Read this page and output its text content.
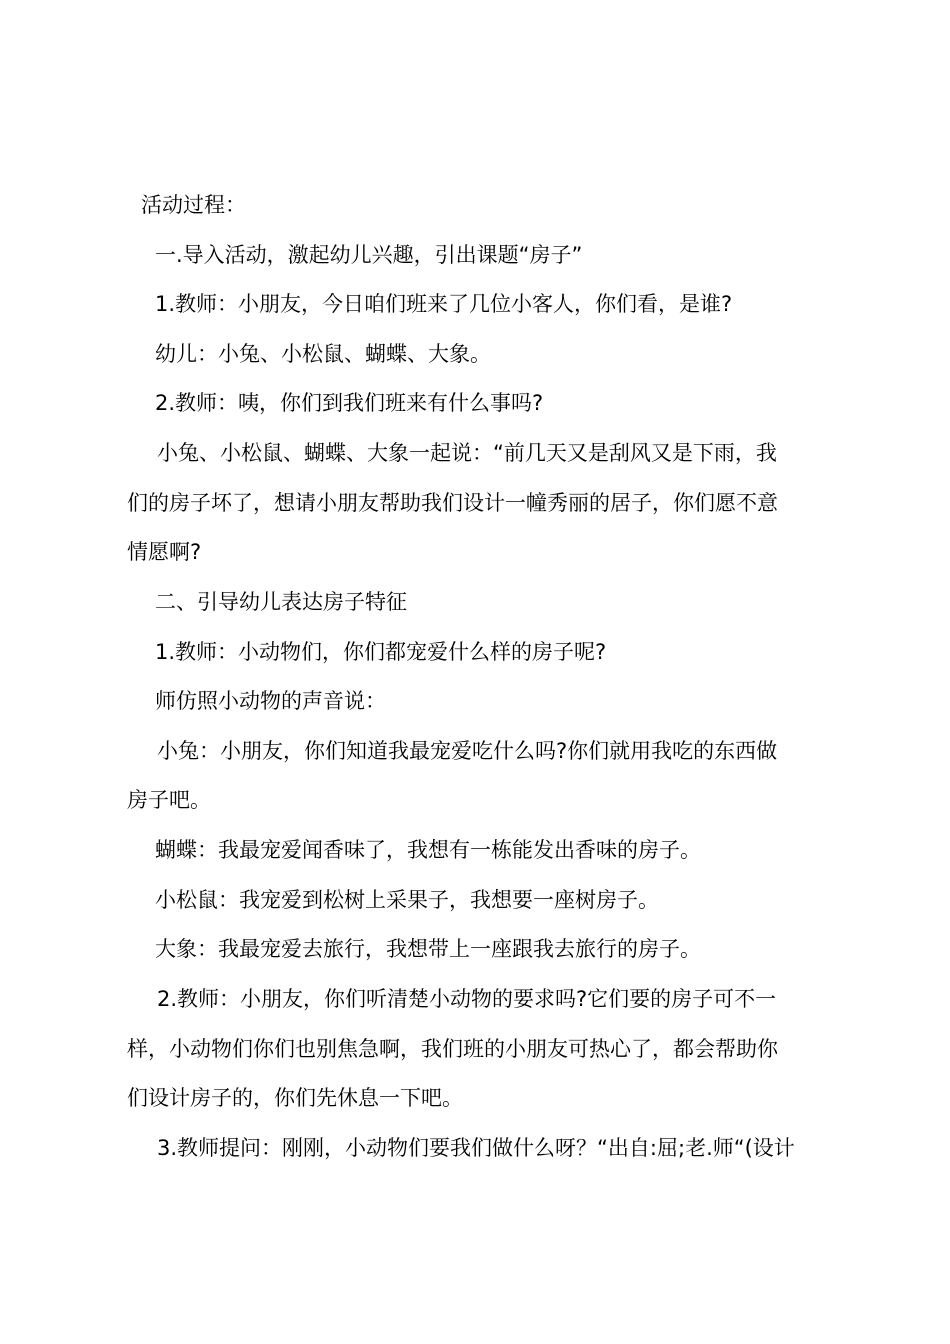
活动过程：
一.导入活动，激起幼儿兴趣，引出课题“房子”
1.教师：小朋友，今日咱们班来了几位小客人，你们看，是谁?
幼儿：小兔、小松鼠、蝴蝶、大象。
2.教师：咦，你们到我们班来有什么事吗?
小兔、小松鼠、蝴蝶、大象一起说：“前几天又是刮风又是下雨，我
们的房子坏了，想请小朋友帮助我们设计一幢秀丽的居子，你们愿不意
情愿啊?
二、引导幼儿表达房子特征
1.教师：小动物们，你们都宠爱什么样的房子呢?
师仿照小动物的声音说：
小兔：小朋友，你们知道我最宠爱吃什么吗?你们就用我吃的东西做
房子吧。
蝴蝶：我最宠爱闻香味了，我想有一栋能发出香味的房子。
小松鼠：我宠爱到松树上采果子，我想要一座树房子。
大象：我最宠爱去旅行，我想带上一座跟我去旅行的房子。
2.教师：小朋友，你们听清楚小动物的要求吗?它们要的房子可不一
样，小动物们你们也别焦急啊，我们班的小朋友可热心了，都会帮助你
们设计房子的，你们先休息一下吧。
3.教师提问：刚刚，小动物们要我们做什么呀？“出自:屈;老.师“(设计
